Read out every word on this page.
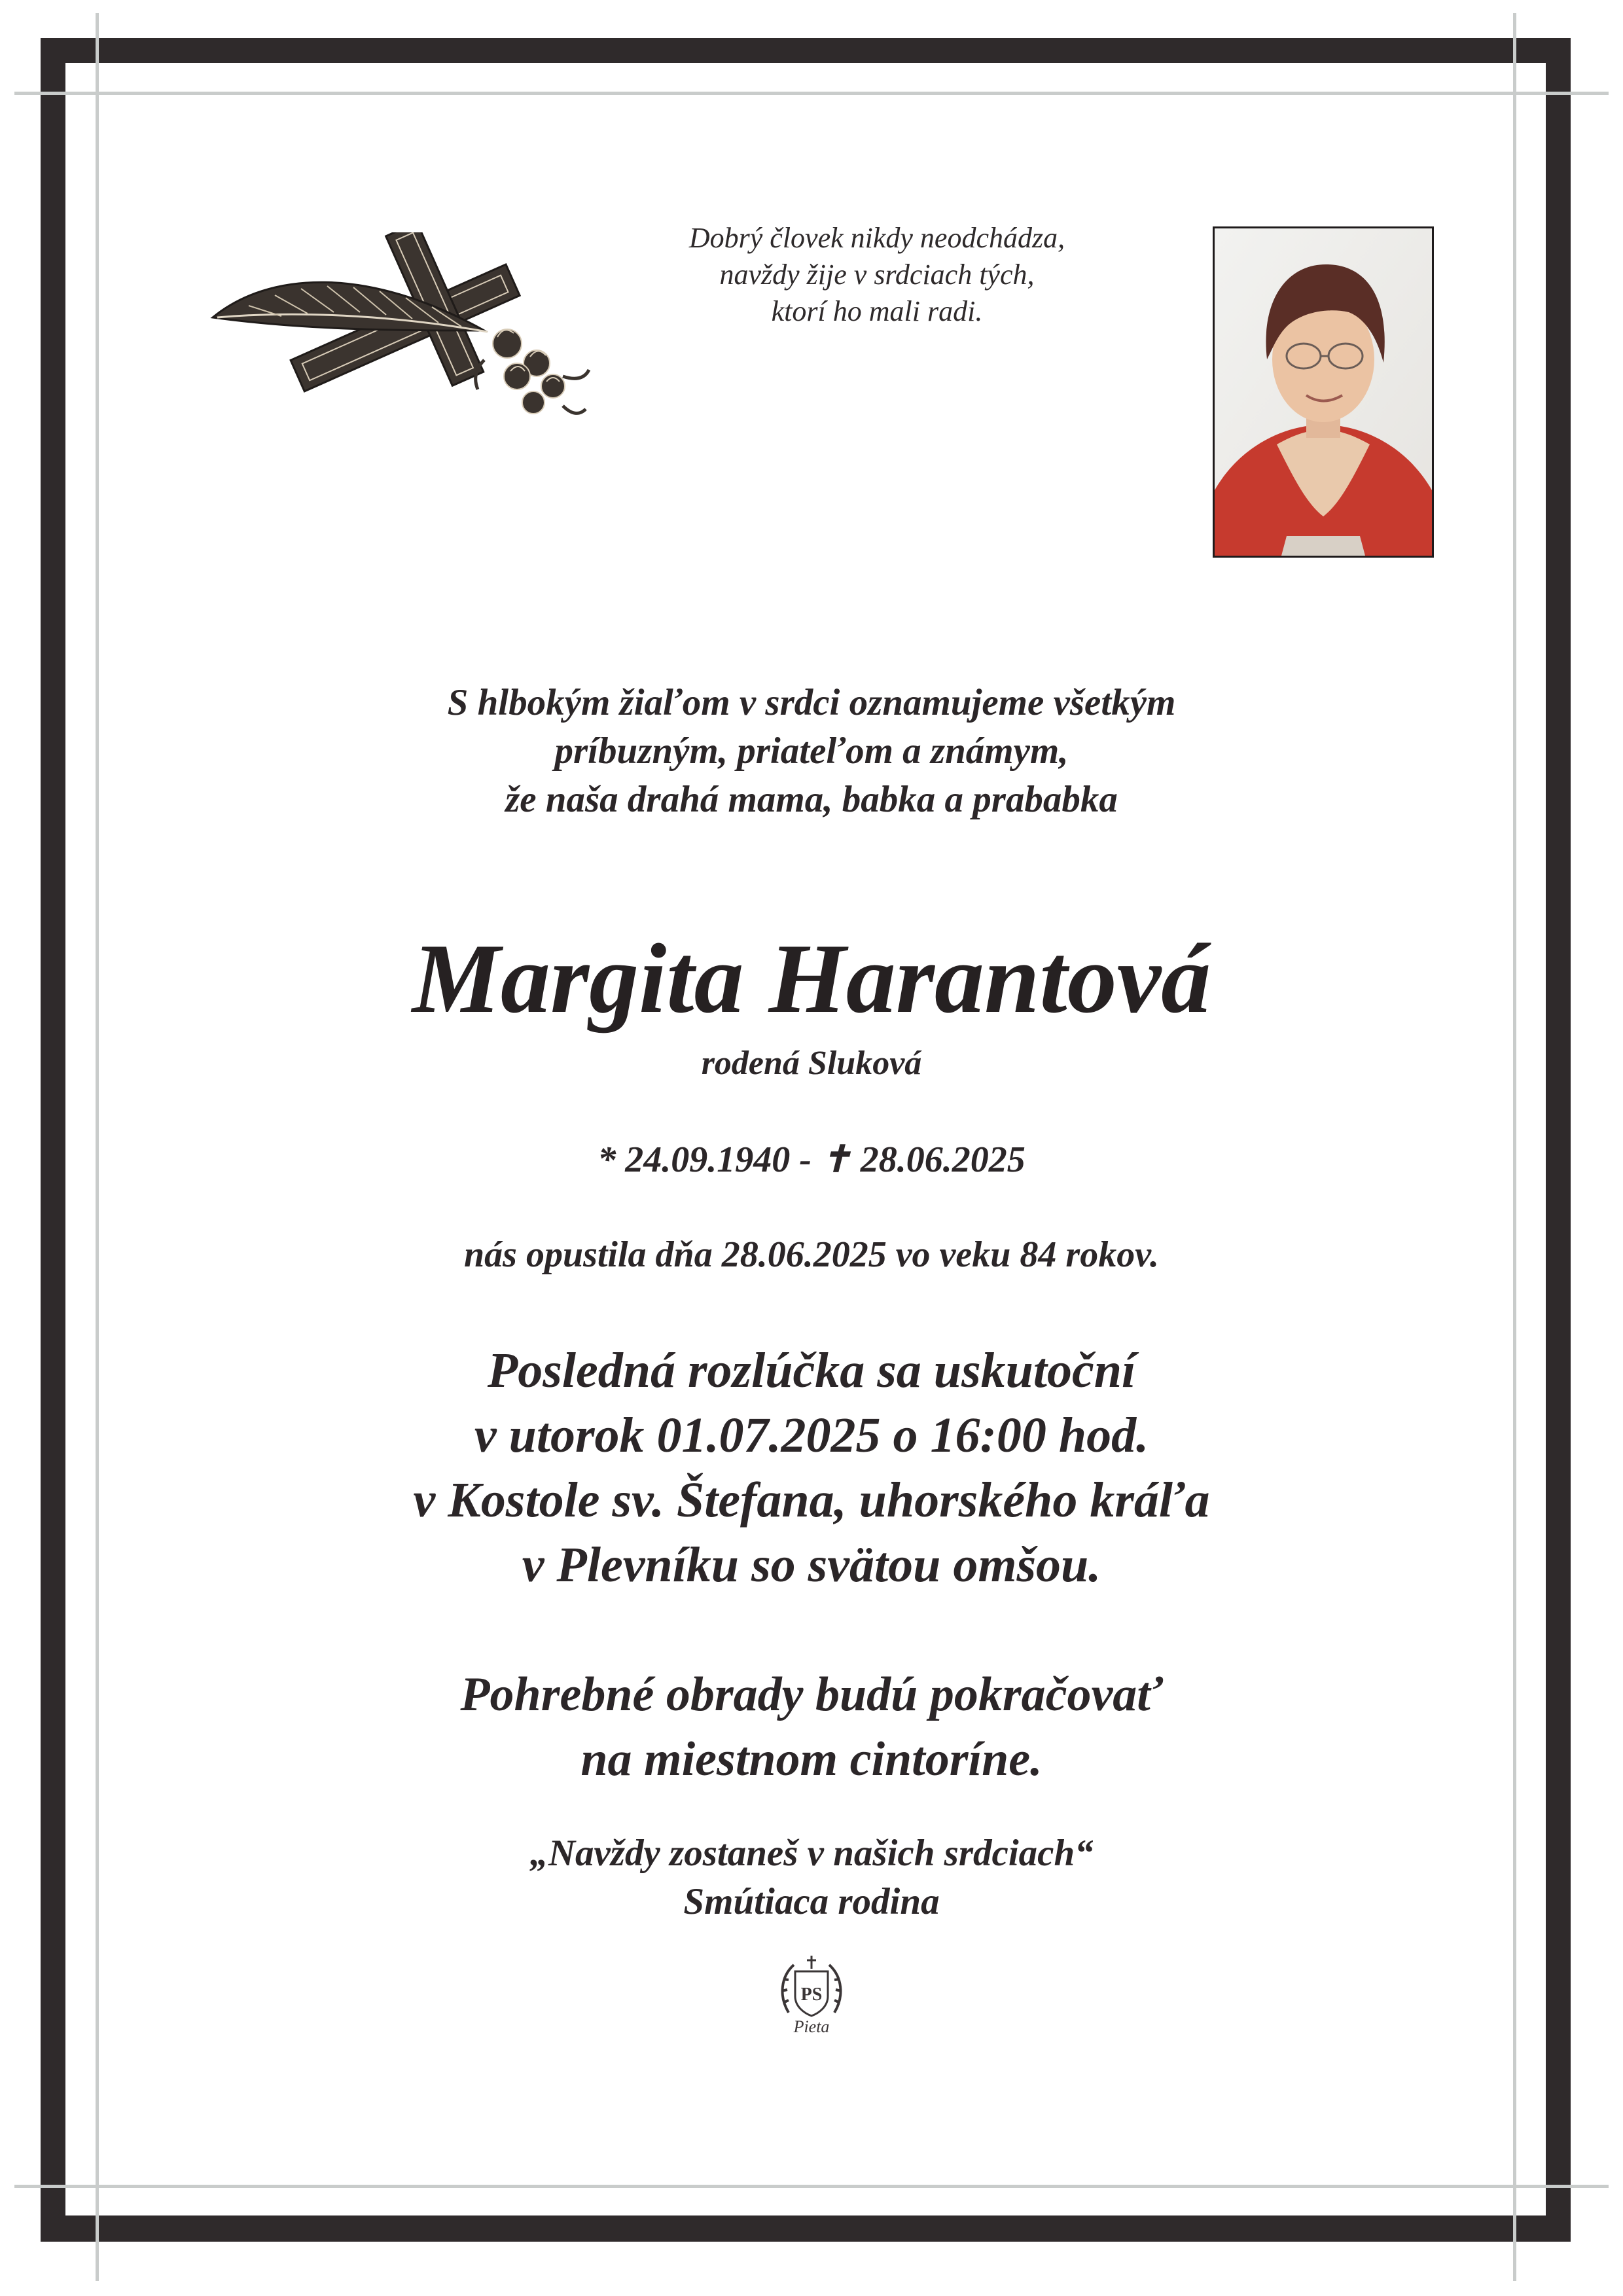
Dobrý človek nikdy neodchádza,
navždy žije v srdciach tých,
ktorí ho mali radi.
S hlbokým žiaľom v srdci oznamujeme všetkým
príbuzným, priateľom a známym,
že naša drahá mama, babka a prababka
Margita Harantová
rodená Sluková
* 24.09.1940 - ✝ 28.06.2025
nás opustila dňa 28.06.2025 vo veku 84 rokov.
Posledná rozlúčka sa uskutoční
v utorok 01.07.2025 o 16:00 hod.
v Kostole sv. Štefana, uhorského kráľa
v Plevníku so svätou omšou.
Pohrebné obrady budú pokračovať
na miestnom cintoríne.
„Navždy zostaneš v našich srdciach“
Smútiaca rodina
PS
Pieta
